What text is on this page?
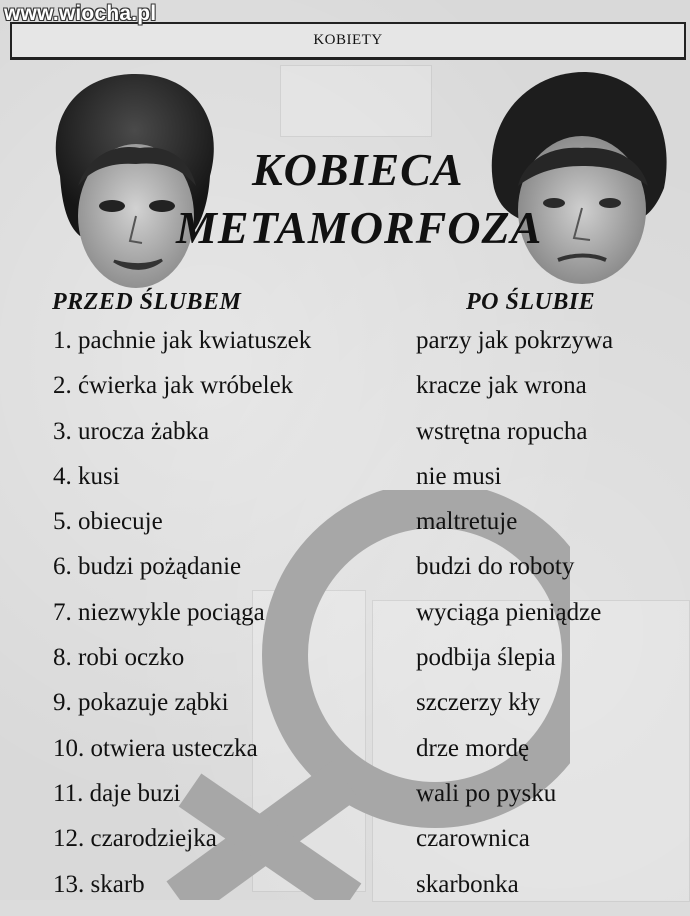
www.wiocha.pl
KOBIETY
KOBIECA
METAMORFOZA
PRZED ŚLUBEM	PO ŚLUBIE
1. pachnie jak kwiatuszek	parzy jak pokrzywa
2. ćwierka jak wróbelek	kracze jak wrona
3. urocza żabka	wstrętna ropucha
4. kusi	nie musi
5. obiecuje	maltretuje
6. budzi pożądanie	budzi do roboty
7. niezwykle pociąga	wyciąga pieniądze
8. robi oczko	podbija ślepia
9. pokazuje ząbki	szczerzy kły
10. otwiera usteczka	drze mordę
11. daje buzi	wali po pysku
12. czarodziejka	czarownica
13. skarb	skarbonka
